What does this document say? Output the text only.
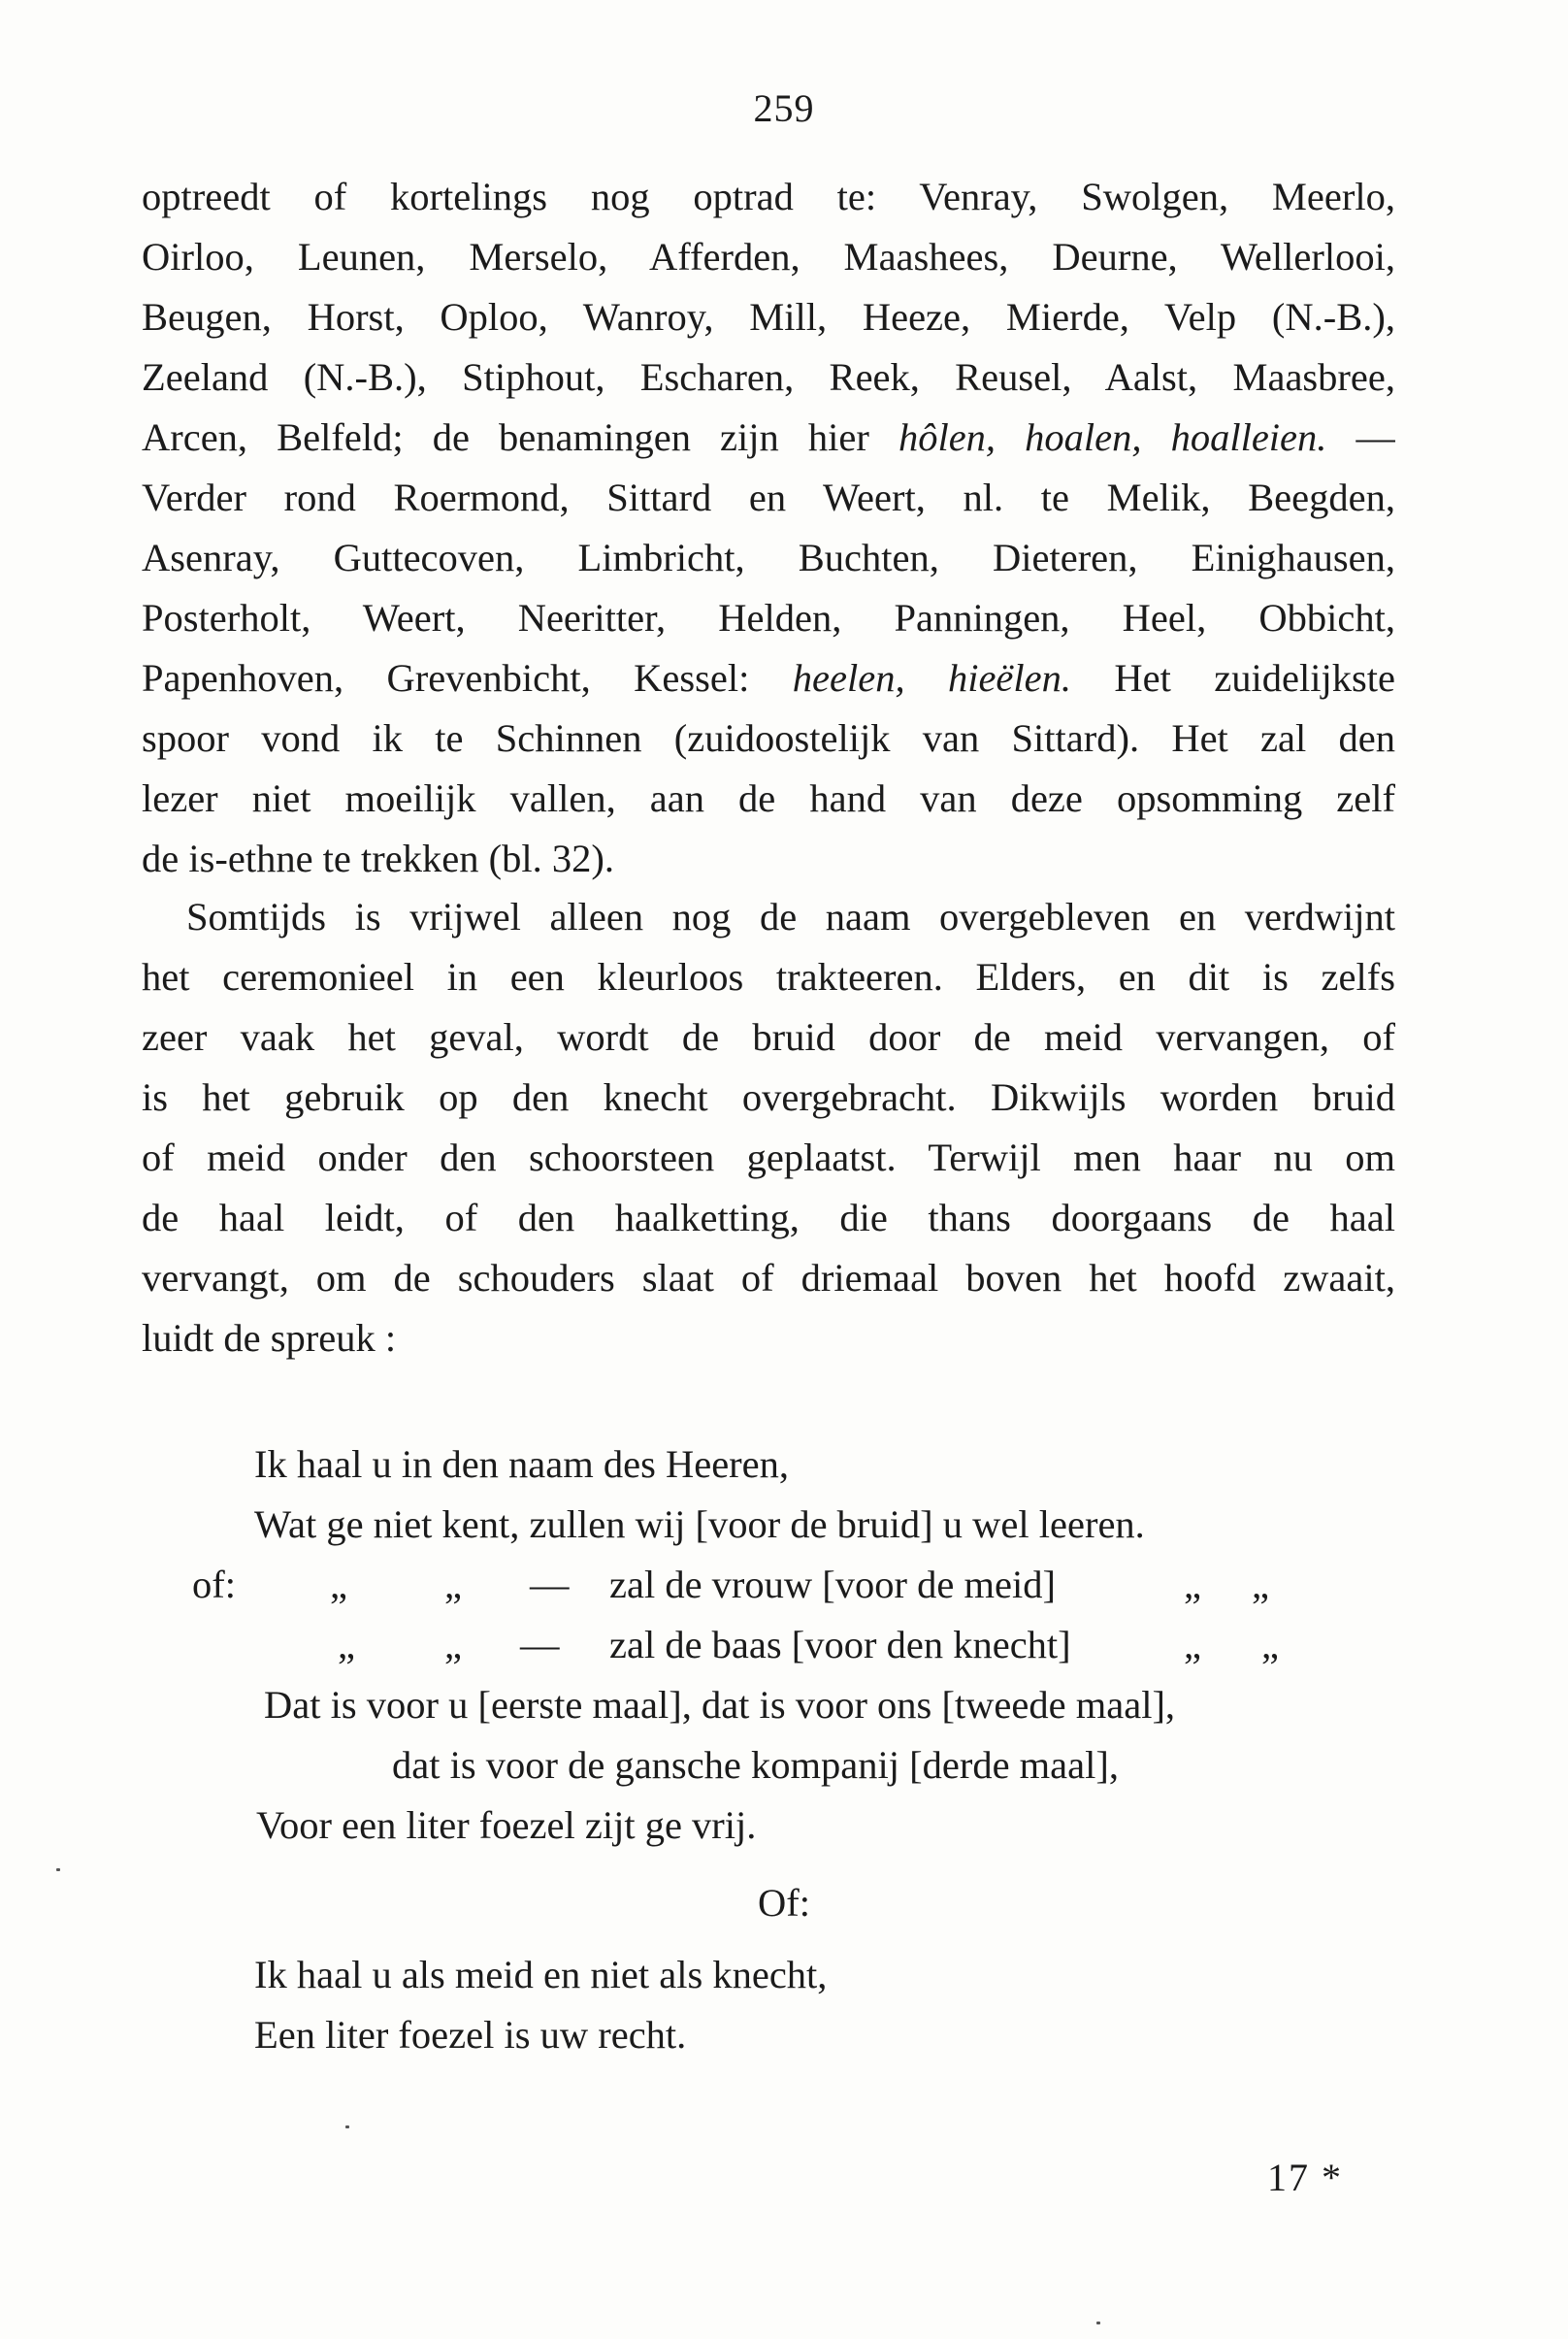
259
optreedt of kortelings nog optrad te: Venray, Swolgen, Meerlo,
Oirloo, Leunen, Merselo, Afferden, Maashees, Deurne, Wellerlooi,
Beugen, Horst, Oploo, Wanroy, Mill, Heeze, Mierde, Velp (N.-B.),
Zeeland (N.-B.), Stiphout, Escharen, Reek, Reusel, Aalst, Maasbree,
Arcen, Belfeld; de benamingen zijn hier hôlen, hoalen, hoalleien. —
Verder rond Roermond, Sittard en Weert, nl. te Melik, Beegden,
Asenray, Guttecoven, Limbricht, Buchten, Dieteren, Einighausen,
Posterholt, Weert, Neeritter, Helden, Panningen, Heel, Obbicht,
Papenhoven, Grevenbicht, Kessel: heelen, hieëlen. Het zuidelijkste
spoor vond ik te Schinnen (zuidoostelijk van Sittard). Het zal den
lezer niet moeilijk vallen, aan de hand van deze opsomming zelf
de is-ethne te trekken (bl. 32).
Somtijds is vrijwel alleen nog de naam overgebleven en verdwijnt
het ceremonieel in een kleurloos trakteeren. Elders, en dit is zelfs
zeer vaak het geval, wordt de bruid door de meid vervangen, of
is het gebruik op den knecht overgebracht. Dikwijls worden bruid
of meid onder den schoorsteen geplaatst. Terwijl men haar nu om
de haal leidt, of den haalketting, die thans doorgaans de haal
vervangt, om de schouders slaat of driemaal boven het hoofd zwaait,
luidt de spreuk :
Ik haal u in den naam des Heeren,
Wat ge niet kent, zullen wij [voor de bruid] u wel leeren.
of: „ „ — zal de vrouw [voor de meid]	„ „
„ „ — zal de baas [voor den knecht]	„ „
Dat is voor u [eerste maal], dat is voor ons [tweede maal],
dat is voor de gansche kompanij [derde maal],
Voor een liter foezel zijt ge vrij.
Of:
Ik haal u als meid en niet als knecht,
Een liter foezel is uw recht.
17 *
